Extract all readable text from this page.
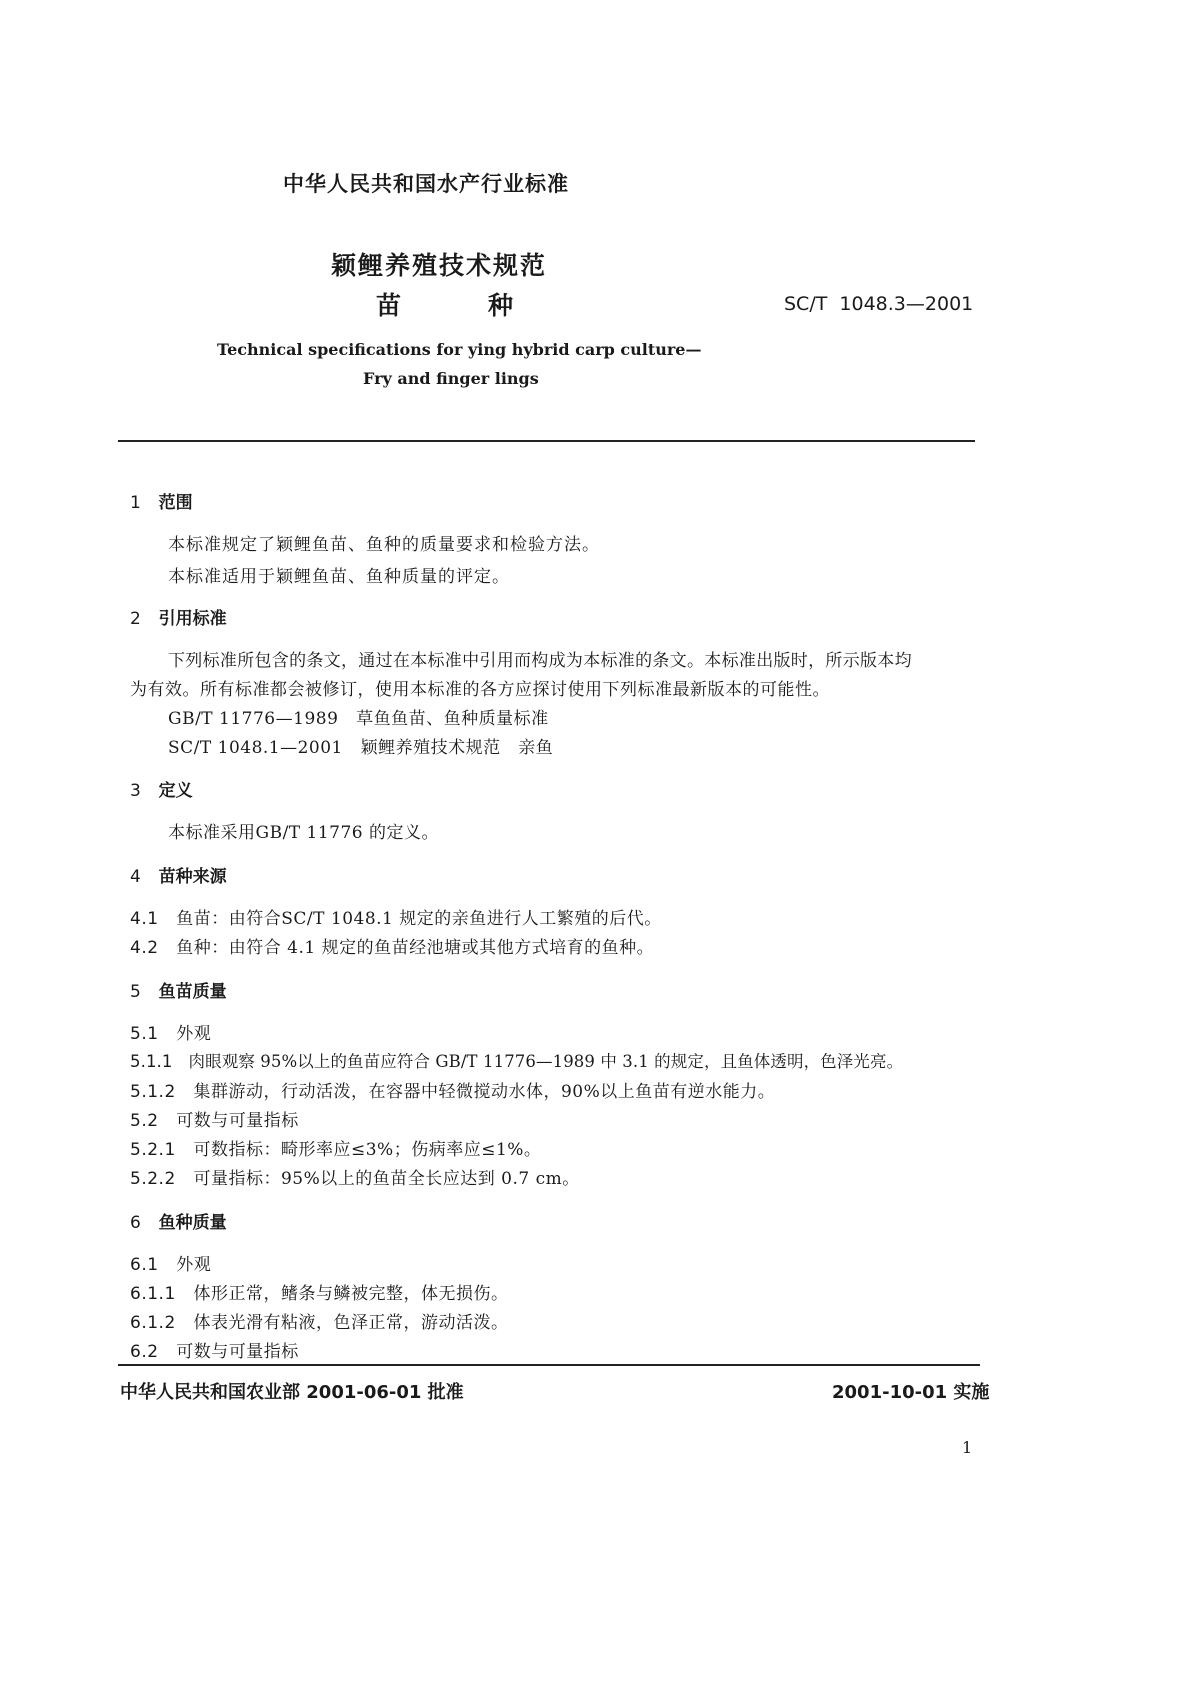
中华人民共和国水产行业标准
颖鲤养殖技术规范
苗          种	SC/T  1048.3—2001
Technical specifications for ying hybrid carp culture—
Fry and finger lings
1 范围
本标准规定了颖鲤鱼苗、鱼种的质量要求和检验方法。
本标准适用于颖鲤鱼苗、鱼种质量的评定。
2 引用标准
下列标准所包含的条文，通过在本标准中引用而构成为本标准的条文。本标准出版时，所示版本均
为有效。所有标准都会被修订，使用本标准的各方应探讨使用下列标准最新版本的可能性。
GB/T 11776—1989   草鱼鱼苗、鱼种质量标准
SC/T 1048.1—2001   颖鲤养殖技术规范   亲鱼
3 定义
本标准采用GB/T 11776 的定义。
4 苗种来源
4.1 鱼苗：由符合SC/T 1048.1 规定的亲鱼进行人工繁殖的后代。
4.2 鱼种：由符合 4.1 规定的鱼苗经池塘或其他方式培育的鱼种。
5 鱼苗质量
5.1 外观
5.1.1 肉眼观察 95%以上的鱼苗应符合 GB/T 11776—1989 中 3.1 的规定，且鱼体透明，色泽光亮。
5.1.2 集群游动，行动活泼，在容器中轻微搅动水体，90%以上鱼苗有逆水能力。
5.2 可数与可量指标
5.2.1 可数指标：畸形率应≤3%；伤病率应≤1%。
5.2.2 可量指标：95%以上的鱼苗全长应达到 0.7 cm。
6 鱼种质量
6.1 外观
6.1.1 体形正常，鳍条与鳞被完整，体无损伤。
6.1.2 体表光滑有粘液，色泽正常，游动活泼。
6.2 可数与可量指标
中华人民共和国农业部 2001-06-01 批准	2001-10-01 实施
1
